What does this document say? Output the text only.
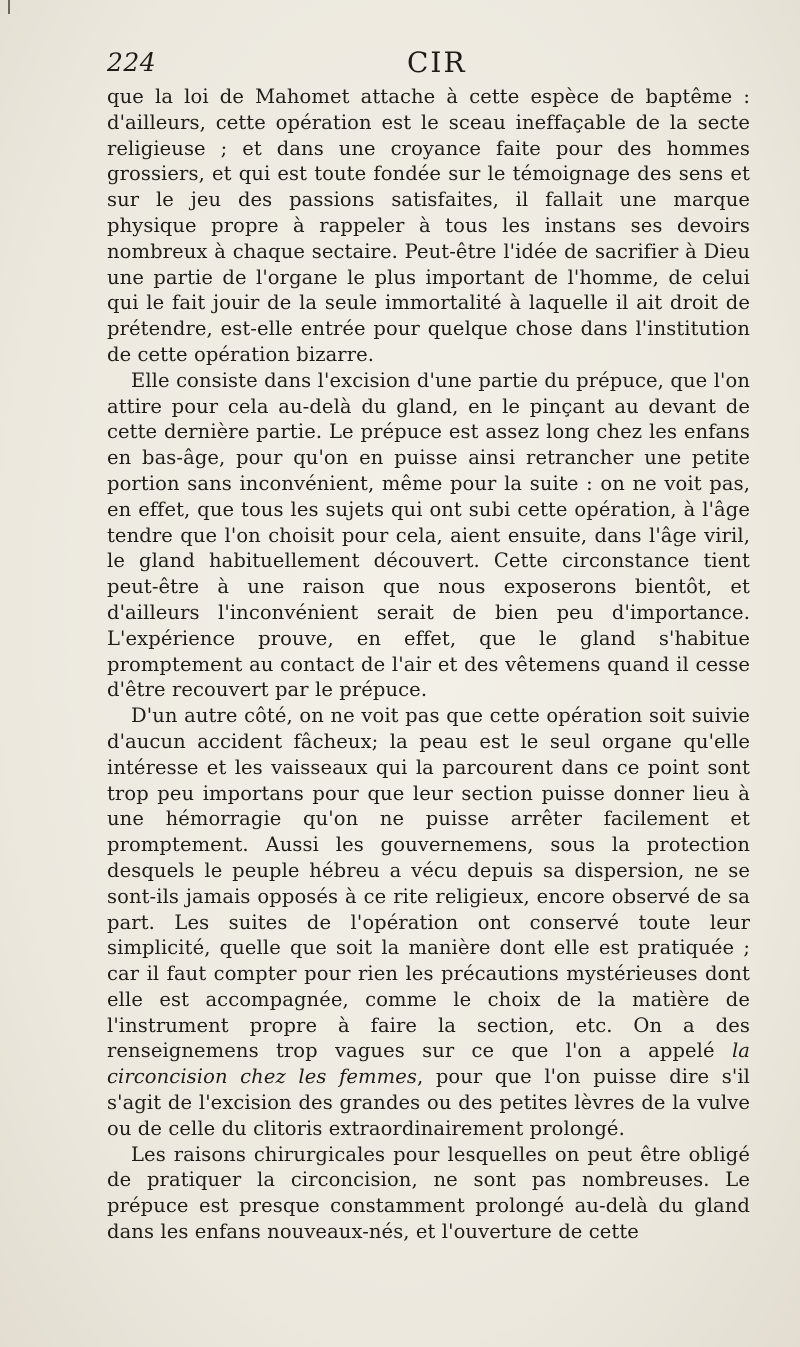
224	CIR

que la loi de Mahomet attache à cette espèce de baptême : d'ailleurs, cette opération est le sceau ineffaçable de la secte religieuse ; et dans une croyance faite pour des hommes grossiers, et qui est toute fondée sur le témoignage des sens et sur le jeu des passions satisfaites, il fallait une marque physique propre à rappeler à tous les instans ses devoirs nombreux à chaque sectaire. Peut-être l'idée de sacrifier à Dieu une partie de l'organe le plus important de l'homme, de celui qui le fait jouir de la seule immortalité à laquelle il ait droit de prétendre, est-elle entrée pour quelque chose dans l'institution de cette opération bizarre.

Elle consiste dans l'excision d'une partie du prépuce, que l'on attire pour cela au-delà du gland, en le pinçant au devant de cette dernière partie. Le prépuce est assez long chez les enfans en bas-âge, pour qu'on en puisse ainsi retrancher une petite portion sans inconvénient, même pour la suite : on ne voit pas, en effet, que tous les sujets qui ont subi cette opération, à l'âge tendre que l'on choisit pour cela, aient ensuite, dans l'âge viril, le gland habituellement découvert. Cette circonstance tient peut-être à une raison que nous exposerons bientôt, et d'ailleurs l'inconvénient serait de bien peu d'importance. L'expérience prouve, en effet, que le gland s'habitue promptement au contact de l'air et des vêtemens quand il cesse d'être recouvert par le prépuce.

D'un autre côté, on ne voit pas que cette opération soit suivie d'aucun accident fâcheux; la peau est le seul organe qu'elle intéresse et les vaisseaux qui la parcourent dans ce point sont trop peu importans pour que leur section puisse donner lieu à une hémorragie qu'on ne puisse arrêter facilement et promptement. Aussi les gouvernemens, sous la protection desquels le peuple hébreu a vécu depuis sa dispersion, ne se sont-ils jamais opposés à ce rite religieux, encore observé de sa part. Les suites de l'opération ont conservé toute leur simplicité, quelle que soit la manière dont elle est pratiquée ; car il faut compter pour rien les précautions mystérieuses dont elle est accompagnée, comme le choix de la matière de l'instrument propre à faire la section, etc. On a des renseignemens trop vagues sur ce que l'on a appelé la circoncision chez les femmes, pour que l'on puisse dire s'il s'agit de l'excision des grandes ou des petites lèvres de la vulve ou de celle du clitoris extraordinairement prolongé.

Les raisons chirurgicales pour lesquelles on peut être obligé de pratiquer la circoncision, ne sont pas nombreuses. Le prépuce est presque constamment prolongé au-delà du gland dans les enfans nouveaux-nés, et l'ouverture de cette
